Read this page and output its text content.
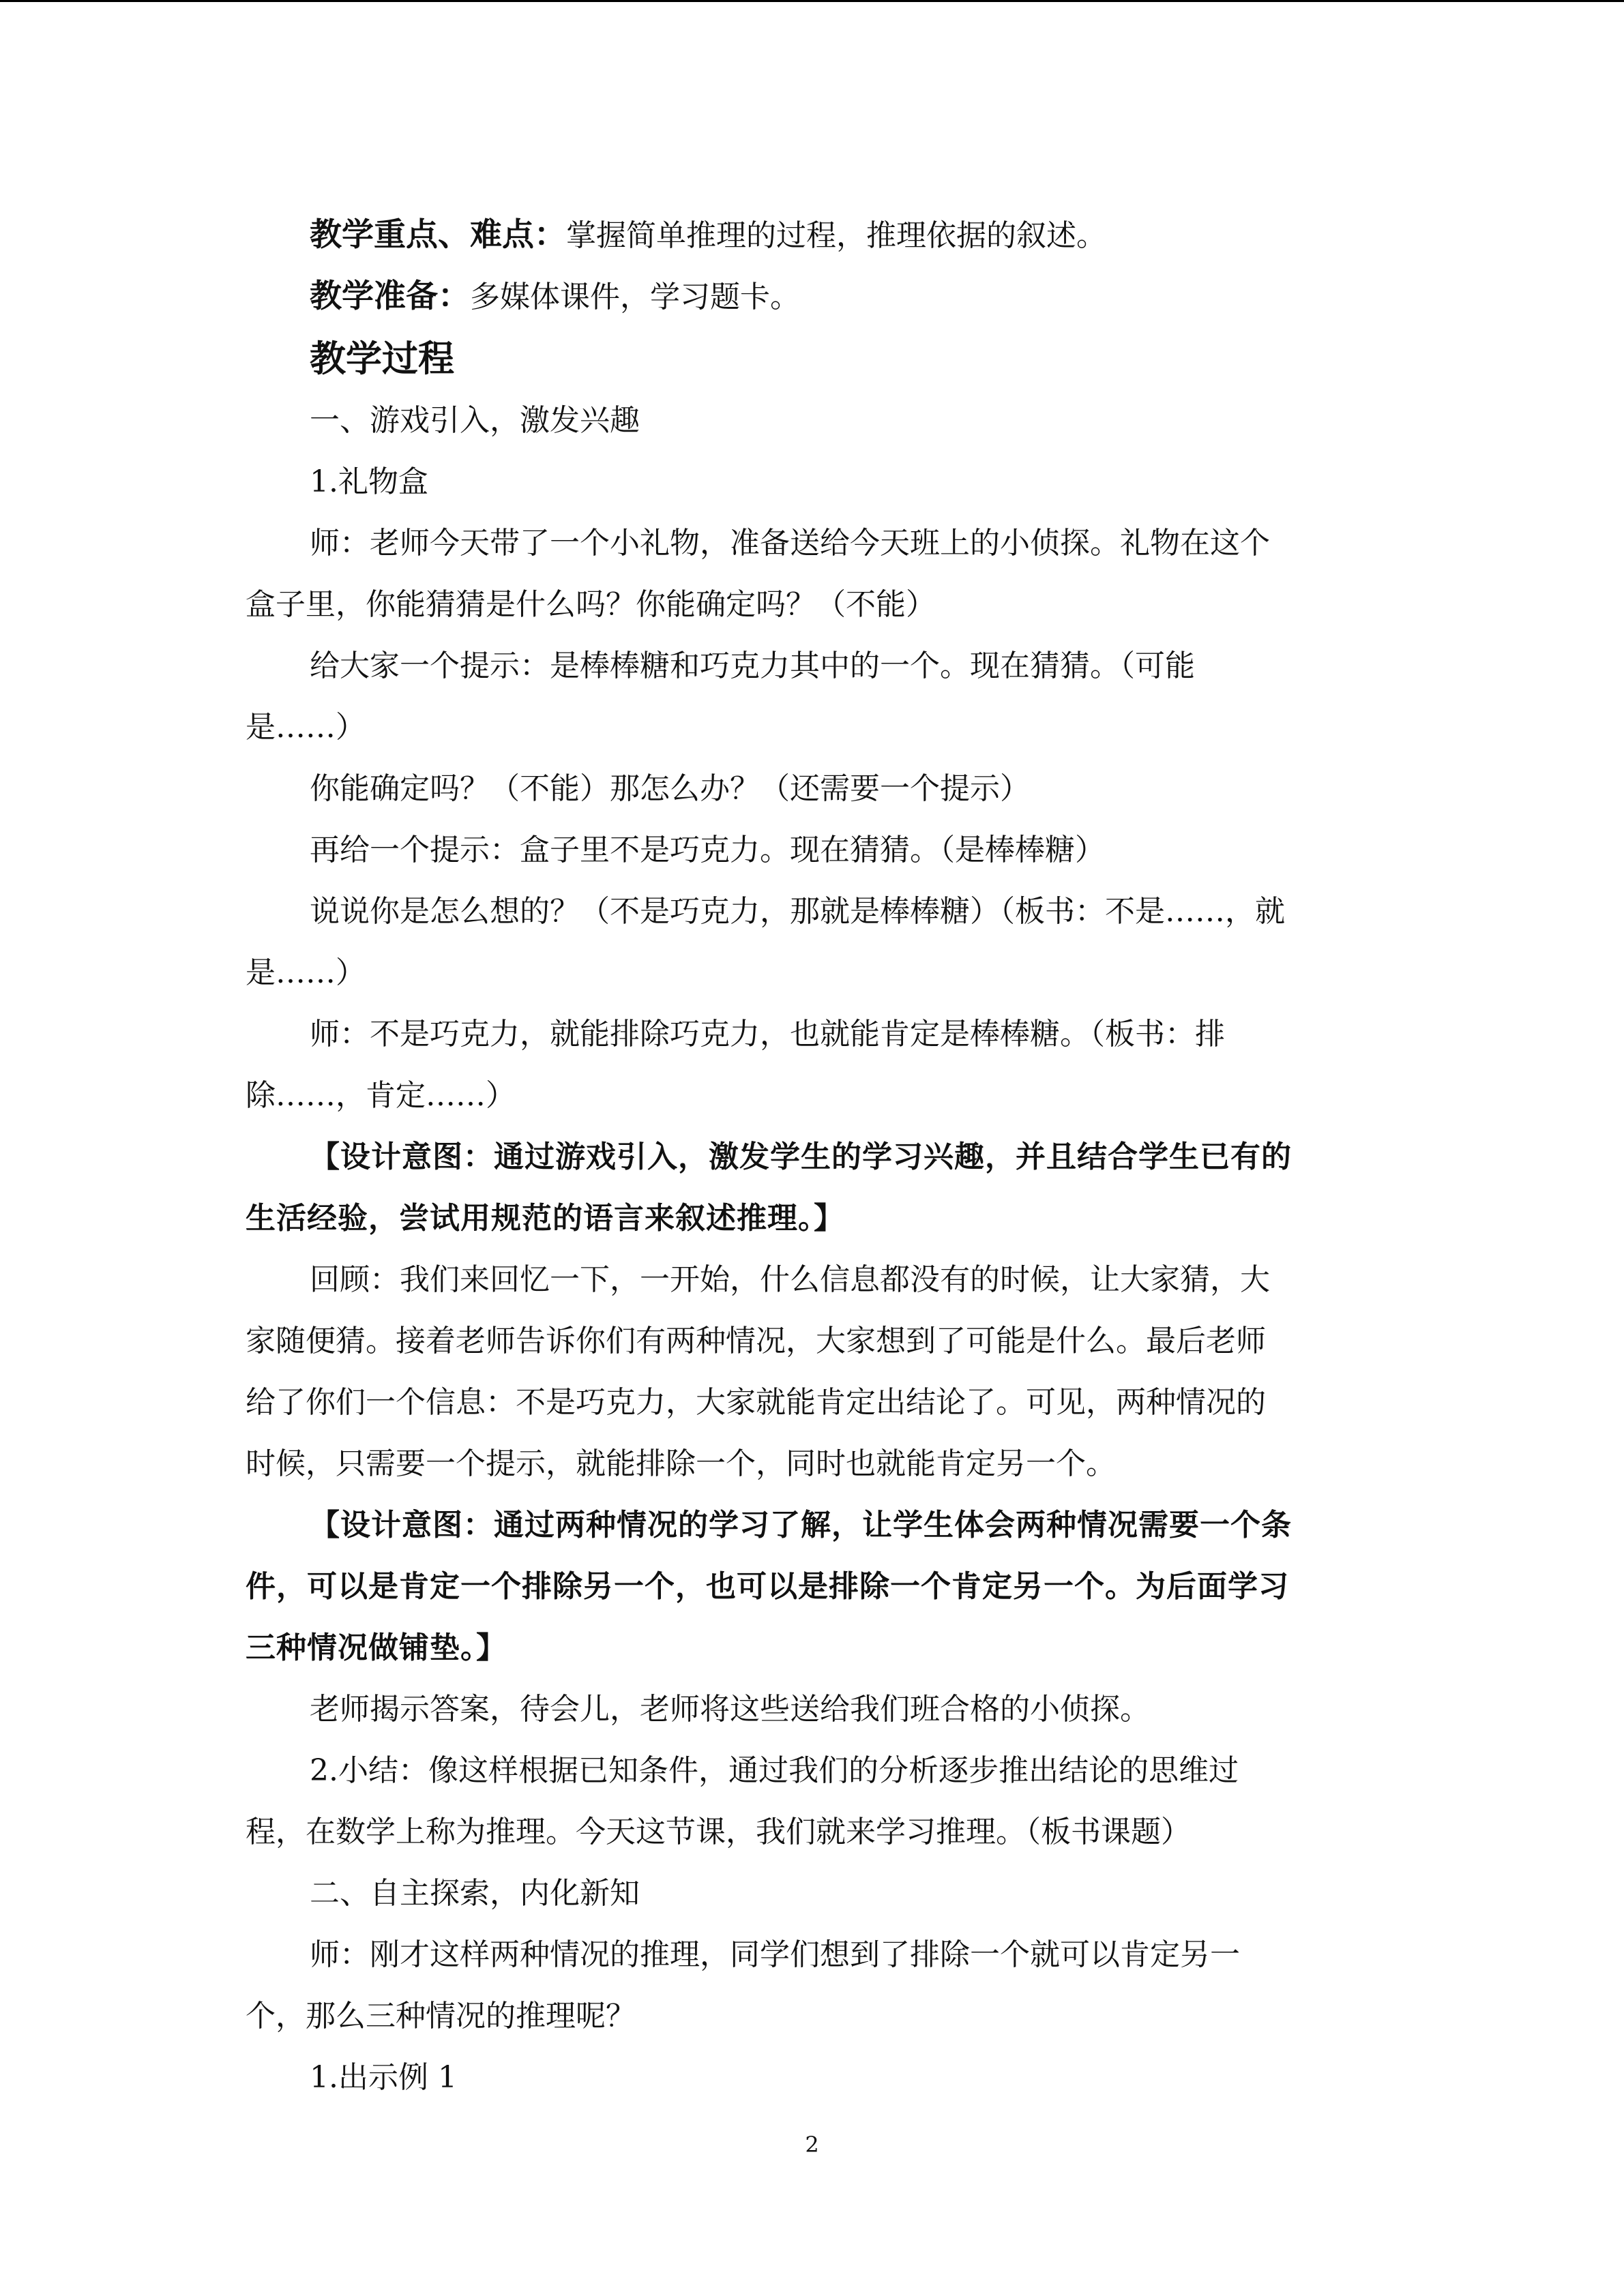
教学重点、难点：掌握简单推理的过程，推理依据的叙述。
教学准备：多媒体课件，学习题卡。
教学过程
一、游戏引入，激发兴趣
1.礼物盒
师：老师今天带了一个小礼物，准备送给今天班上的小侦探。礼物在这个
盒子里，你能猜猜是什么吗？你能确定吗？（不能）
给大家一个提示：是棒棒糖和巧克力其中的一个。现在猜猜。（可能
是……）
你能确定吗？（不能）那怎么办？（还需要一个提示）
再给一个提示：盒子里不是巧克力。现在猜猜。（是棒棒糖）
说说你是怎么想的？（不是巧克力，那就是棒棒糖）（板书：不是……，就
是……）
师：不是巧克力，就能排除巧克力，也就能肯定是棒棒糖。（板书：排
除……，肯定……）
【设计意图：通过游戏引入，激发学生的学习兴趣，并且结合学生已有的
生活经验，尝试用规范的语言来叙述推理。】
回顾：我们来回忆一下，一开始，什么信息都没有的时候，让大家猜，大
家随便猜。接着老师告诉你们有两种情况，大家想到了可能是什么。最后老师
给了你们一个信息：不是巧克力，大家就能肯定出结论了。可见，两种情况的
时候，只需要一个提示，就能排除一个，同时也就能肯定另一个。
【设计意图：通过两种情况的学习了解，让学生体会两种情况需要一个条
件，可以是肯定一个排除另一个，也可以是排除一个肯定另一个。为后面学习
三种情况做铺垫。】
老师揭示答案，待会儿，老师将这些送给我们班合格的小侦探。
2.小结：像这样根据已知条件，通过我们的分析逐步推出结论的思维过
程，在数学上称为推理。今天这节课，我们就来学习推理。（板书课题）
二、自主探索，内化新知
师：刚才这样两种情况的推理，同学们想到了排除一个就可以肯定另一
个，那么三种情况的推理呢？
1.出示例 1
2
